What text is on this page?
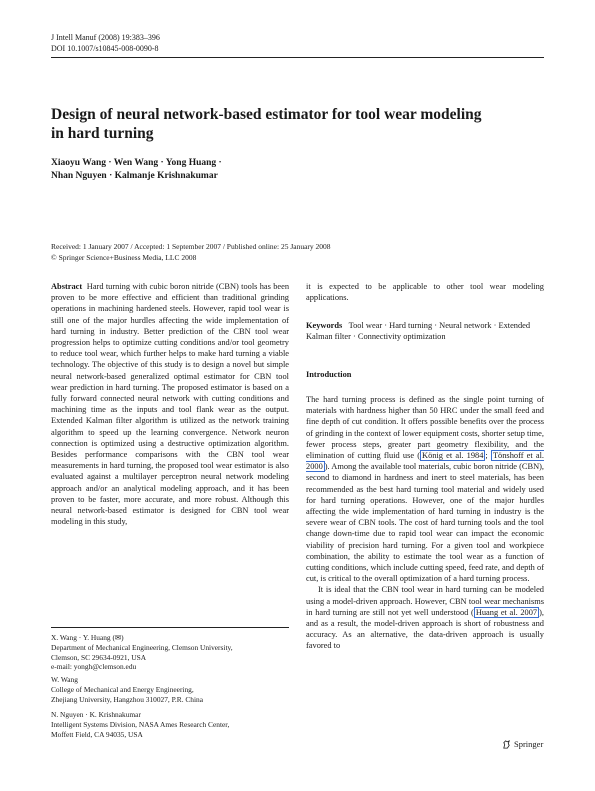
J Intell Manuf (2008) 19:383–396
DOI 10.1007/s10845-008-0090-8
Design of neural network-based estimator for tool wear modeling
in hard turning
Xiaoyu Wang · Wen Wang · Yong Huang ·
Nhan Nguyen · Kalmanje Krishnakumar
Received: 1 January 2007 / Accepted: 1 September 2007 / Published online: 25 January 2008
© Springer Science+Business Media, LLC 2008
Abstract Hard turning with cubic boron nitride (CBN) tools has been proven to be more effective and efficient than traditional grinding operations in machining hardened steels. However, rapid tool wear is still one of the major hurdles affecting the wide implementation of hard turning in industry. Better prediction of the CBN tool wear progression helps to optimize cutting conditions and/or tool geometry to reduce tool wear, which further helps to make hard turning a viable technology. The objective of this study is to design a novel but simple neural network-based generalized optimal estimator for CBN tool wear prediction in hard turning. The proposed estimator is based on a fully forward connected neural network with cutting conditions and machining time as the inputs and tool flank wear as the output. Extended Kalman filter algorithm is utilized as the network training algorithm to speed up the learning convergence. Network neuron connection is optimized using a destructive optimization algorithm. Besides performance comparisons with the CBN tool wear measurements in hard turning, the proposed tool wear estimator is also evaluated against a multilayer perceptron neural network modeling approach and/or an analytical modeling approach, and it has been proven to be faster, more accurate, and more robust. Although this neural network-based estimator is designed for CBN tool wear modeling in this study,
it is expected to be applicable to other tool wear modeling applications.
Keywords Tool wear · Hard turning · Neural network · Extended Kalman filter · Connectivity optimization
Introduction

The hard turning process is defined as the single point turning of materials with hardness higher than 50 HRC under the small feed and fine depth of cut condition. It offers possible benefits over the process of grinding in the context of lower equipment costs, shorter setup time, fewer process steps, greater part geometry flexibility, and the elimination of cutting fluid use ( König et al. 1984 ; Tönshoff et al. 2000 ). Among the available tool materials, cubic boron nitride (CBN), second to diamond in hardness and inert to steel materials, has been recommended as the best hard turning tool material and widely used for hard turning operations. However, one of the major hurdles affecting the wide implementation of hard turning in industry is the severe wear of CBN tools. The cost of hard turning tools and the tool change down-time due to rapid tool wear can impact the economic viability of precision hard turning. For a given tool and workpiece combination, the ability to estimate the tool wear as a function of cutting conditions, which include cutting speed, feed rate, and depth of cut, is critical to the overall optimization of a hard turning process.

It is ideal that the CBN tool wear in hard turning can be modeled using a model-driven approach. However, CBN tool wear mechanisms in hard turning are still not yet well understood ( Huang et al. 2007 ), and as a result, the model-driven approach is short of robustness and accuracy. As an alternative, the data-driven approach is usually favored to

X. Wang · Y. Huang (✉)
Department of Mechanical Engineering, Clemson University,
Clemson, SC 29634-0921, USA
e-mail: yongh@clemson.edu
W. Wang
College of Mechanical and Energy Engineering,
Zhejiang University, Hangzhou 310027, P.R. China
N. Nguyen · K. Krishnakumar
Intelligent Systems Division, NASA Ames Research Center,
Moffett Field, CA 94035, USA
Springer
